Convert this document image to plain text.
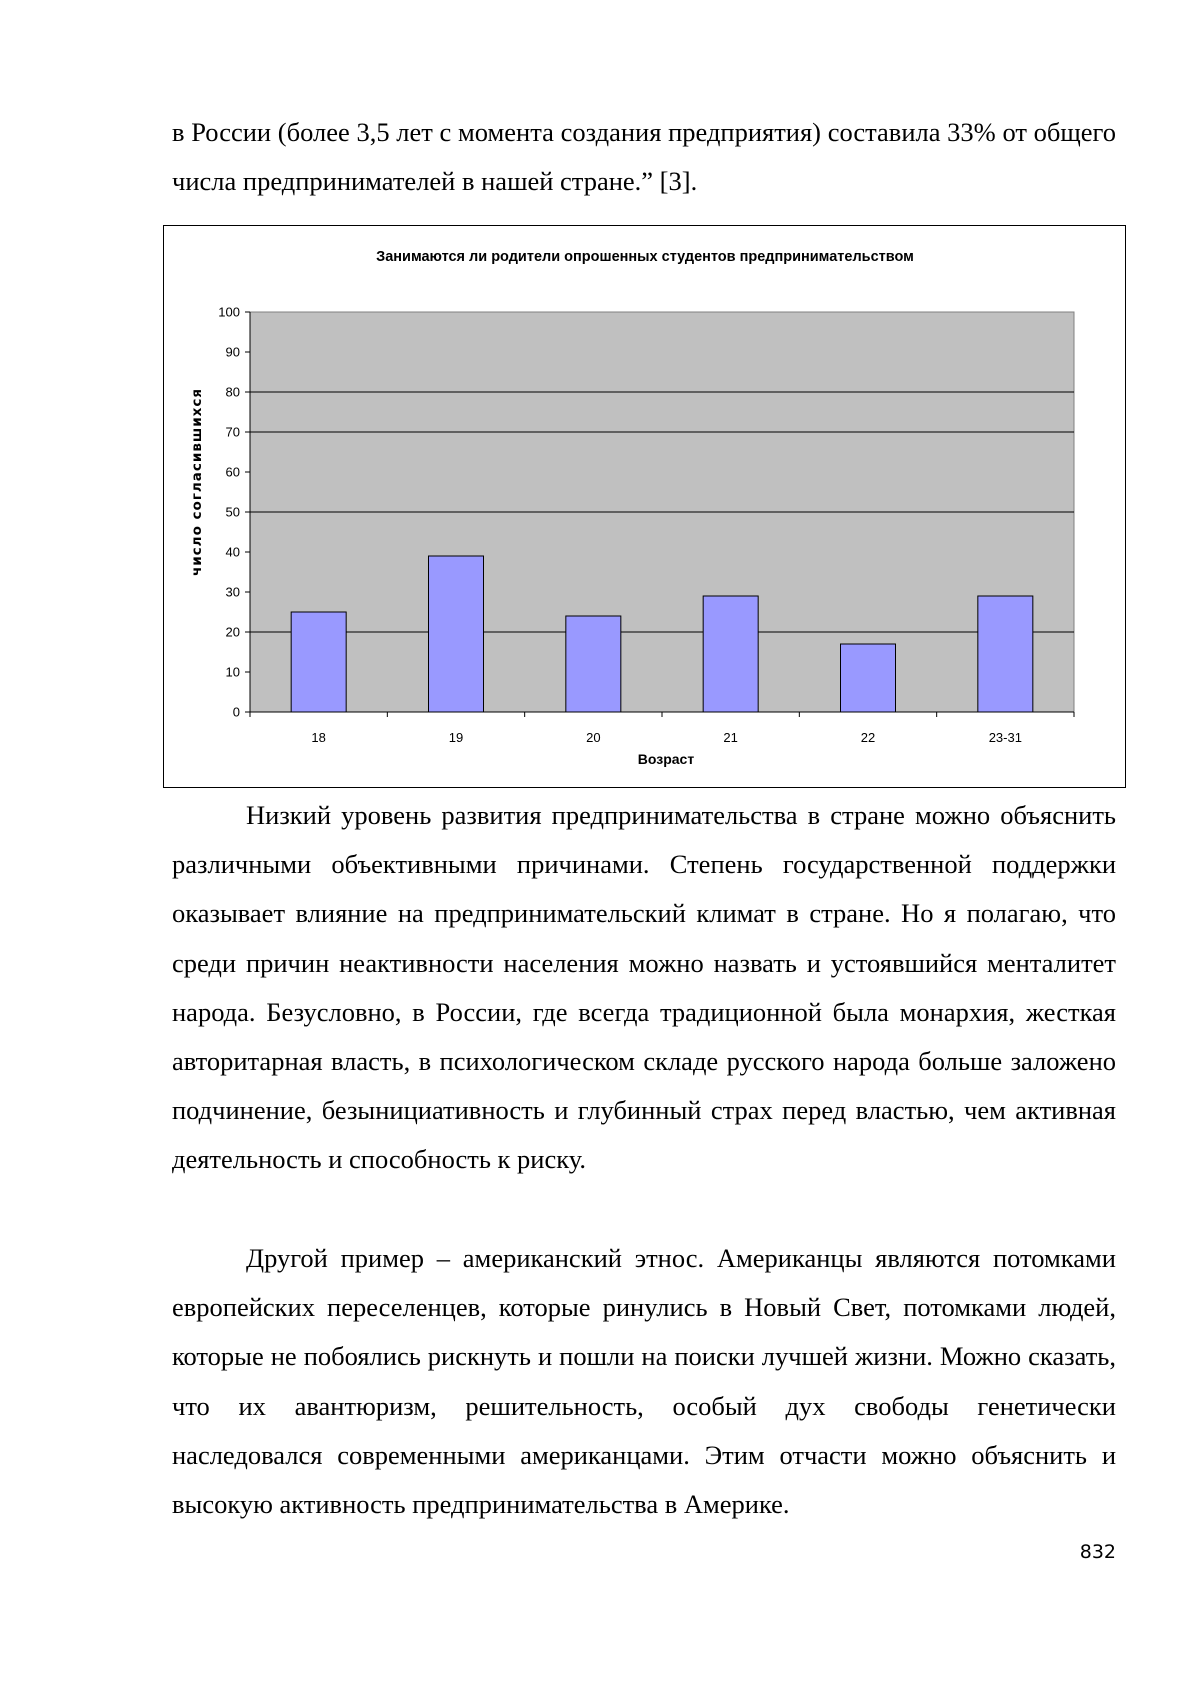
в России (более 3,5 лет с момента создания предприятия) составила 33% от общего числа предпринимателей в нашей стране.” [3].
Занимаются ли родители опрошенных студентов предпринимательством
0
10
20
30
40
50
60
70
80
90
100
18	19	20	21	22	23-31
число согласившихся
Возраст
Низкий уровень развития предпринимательства в стране можно объяснить различными объективными причинами. Степень государственной поддержки оказывает влияние на предпринимательский климат в стране. Но я полагаю, что среди причин неактивности населения можно назвать и устоявшийся менталитет народа. Безусловно, в России, где всегда традиционной была монархия, жесткая авторитарная власть, в психологическом складе русского народа больше заложено подчинение, безынициативность и глубинный страх перед властью, чем активная деятельность и способность к риску.
Другой пример – американский этнос. Американцы являются потомками европейских переселенцев, которые ринулись в Новый Свет, потомками людей, которые не побоялись рискнуть и пошли на поиски лучшей жизни. Можно сказать, что их авантюризм, решительность, особый дух свободы генетически наследовался современными американцами. Этим отчасти можно объяснить и высокую активность предпринимательства в Америке.
832
